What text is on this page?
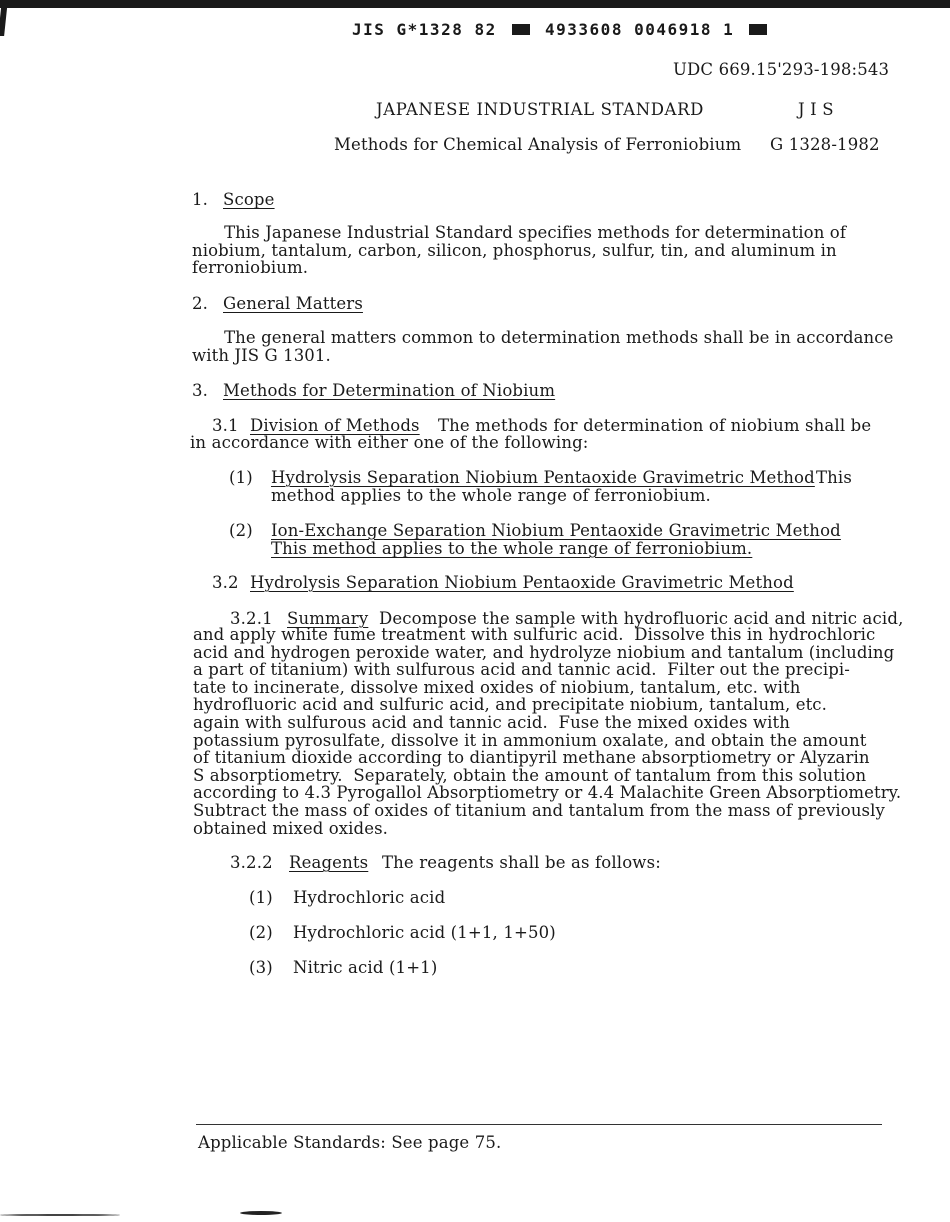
JIS G*1328 82	4933608 0046918 1

UDC 669.15'293-198:543

JAPANESE INDUSTRIAL STANDARD	J I S

Methods for Chemical Analysis of Ferroniobium G 1328-1982

1. Scope

This Japanese Industrial Standard specifies methods for determination of
niobium, tantalum, carbon, silicon, phosphorus, sulfur, tin, and aluminum in
ferroniobium.

2. General Matters

The general matters common to determination methods shall be in accordance
with JIS G 1301.

3. Methods for Determination of Niobium

3.1 Division of Methods The methods for determination of niobium shall be

in accordance with either one of the following:

(1) Hydrolysis Separation Niobium Pentaoxide Gravimetric Method This

method applies to the whole range of ferroniobium.

(2) Ion-Exchange Separation Niobium Pentaoxide Gravimetric Method

This method applies to the whole range of ferroniobium.

3.2 Hydrolysis Separation Niobium Pentaoxide Gravimetric Method

3.2.1 Summary Decompose the sample with hydrofluoric acid and nitric acid,

and apply white fume treatment with sulfuric acid.  Dissolve this in hydrochloric
acid and hydrogen peroxide water, and hydrolyze niobium and tantalum (including
a part of titanium) with sulfurous acid and tannic acid.  Filter out the precipi-
tate to incinerate, dissolve mixed oxides of niobium, tantalum, etc. with
hydrofluoric acid and sulfuric acid, and precipitate niobium, tantalum, etc.
again with sulfurous acid and tannic acid.  Fuse the mixed oxides with
potassium pyrosulfate, dissolve it in ammonium oxalate, and obtain the amount
of titanium dioxide according to diantipyril methane absorptiometry or Alyzarin
S absorptiometry.  Separately, obtain the amount of tantalum from this solution
according to 4.3 Pyrogallol Absorptiometry or 4.4 Malachite Green Absorptiometry.
Subtract the mass of oxides of titanium and tantalum from the mass of previously
obtained mixed oxides.

3.2.2 Reagents The reagents shall be as follows:

(1) Hydrochloric acid

(2) Hydrochloric acid (1+1, 1+50)

(3) Nitric acid (1+1)

Applicable Standards: See page 75.
